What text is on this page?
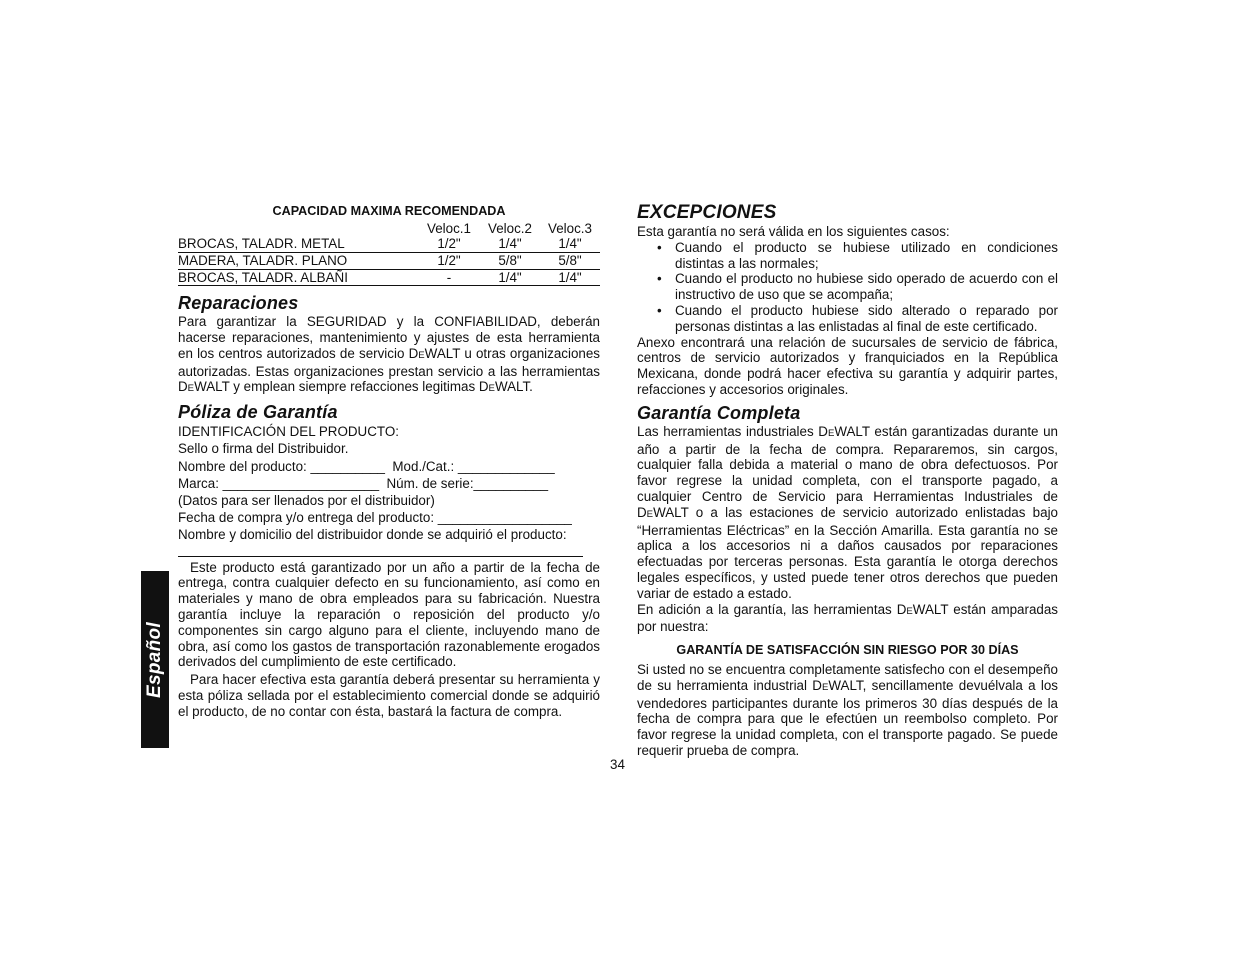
CAPACIDAD MAXIMA RECOMENDADA
	Veloc.1	Veloc.2	Veloc.3
BROCAS, TALADR. METAL	1/2"	1/4"	1/4"
MADERA, TALADR. PLANO	1/2"	5/8"	5/8"
BROCAS, TALADR. ALBAÑI	-	1/4"	1/4"
Reparaciones

Para garantizar la SEGURIDAD y la CONFIABILIDAD, deberán hacerse reparaciones, mantenimiento y ajustes de esta herramienta en los centros autorizados de servicio DEWALT u otras organizaciones autorizadas. Estas organizaciones prestan servicio a las herramientas DEWALT y emplean siempre refacciones legitimas DEWALT.

Póliza de Garantía
IDENTIFICACIÓN DEL PRODUCTO:
Sello o firma del Distribuidor.
Nombre del producto: __________  Mod./Cat.: _____________
Marca: _____________________  Núm. de serie:__________
(Datos para ser llenados por el distribuidor)
Fecha de compra y/o entrega del producto: __________________
Nombre y domicilio del distribuidor donde se adquirió el producto:

Este producto está garantizado por un año a partir de la fecha de entrega, contra cualquier defecto en su funcionamiento, así como en materiales y mano de obra empleados para su fabricación. Nuestra garantía incluye la reparación o reposición del producto y/o componentes sin cargo alguno para el cliente, incluyendo mano de obra, así como los gastos de transportación razonablemente erogados derivados del cumplimiento de este certificado.

Para hacer efectiva esta garantía deberá presentar su herramienta y esta póliza sellada por el establecimiento comercial donde se adquirió el producto, de no contar con ésta, bastará la factura de compra.

EXCEPCIONES

Esta garantía no será válida en los siguientes casos:

• Cuando el producto se hubiese utilizado en condiciones distintas a las normales;
• Cuando el producto no hubiese sido operado de acuerdo con el instructivo de uso que se acompaña;
• Cuando el producto hubiese sido alterado o reparado por personas distintas a las enlistadas al final de este certificado.

Anexo encontrará una relación de sucursales de servicio de fábrica, centros de servicio autorizados y franquiciados en la República Mexicana, donde podrá hacer efectiva su garantía y adquirir partes, refacciones y accesorios originales.

Garantía Completa

Las herramientas industriales DEWALT están garantizadas durante un año a partir de la fecha de compra. Repararemos, sin cargos, cualquier falla debida a material o mano de obra defectuosos. Por favor regrese la unidad completa, con el transporte pagado, a cualquier Centro de Servicio para Herramientas Industriales de DEWALT o a las estaciones de servicio autorizado enlistadas bajo “Herramientas Eléctricas” en la Sección Amarilla. Esta garantía no se aplica a los accesorios ni a daños causados por reparaciones efectuadas por terceras personas. Esta garantía le otorga derechos legales específicos, y usted puede tener otros derechos que pueden variar de estado a estado.

En adición a la garantía, las herramientas DEWALT están amparadas por nuestra:

GARANTÍA DE SATISFACCIÓN SIN RIESGO POR 30 DÍAS

Si usted no se encuentra completamente satisfecho con el desempeño de su herramienta industrial DEWALT, sencillamente devuélvala a los vendedores participantes durante los primeros 30 días después de la fecha de compra para que le efectúen un reembolso completo. Por favor regrese la unidad completa, con el transporte pagado. Se puede requerir prueba de compra.

Español
34
